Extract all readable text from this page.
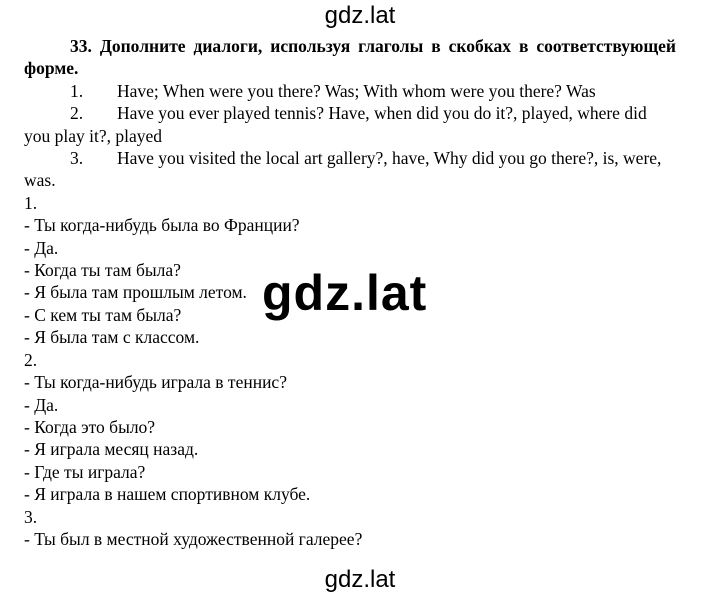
gdz.lat
33. Дополните диалоги, используя глаголы в скобках в соответствующей форме.
1.	Have; When were you there? Was; With whom were you there? Was
2. Have you ever played tennis? Have, when did you do it?, played, where did you play it?, played
3. Have you visited the local art gallery?, have, Why did you go there?, is, were, was.
1.
- Ты когда-нибудь была во Франции?
- Да.
- Когда ты там была?
- Я была там прошлым летом.
- С кем ты там была?
- Я была там с классом.
2.
- Ты когда-нибудь играла в теннис?
- Да.
- Когда это было?
- Я играла месяц назад.
- Где ты играла?
- Я играла в нашем спортивном клубе.
3.
- Ты был в местной художественной галерее?
gdz.lat
gdz.lat
